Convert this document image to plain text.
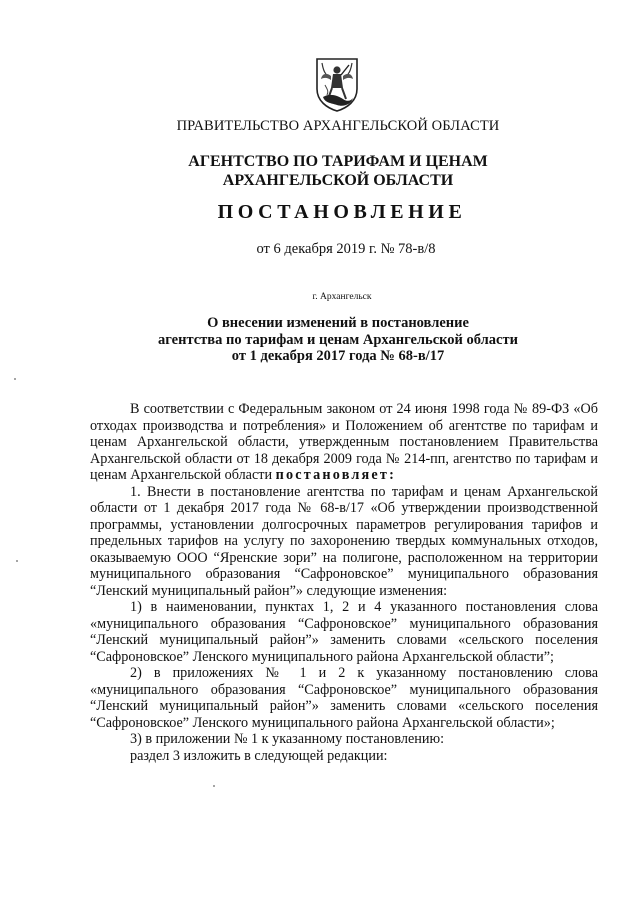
ПРАВИТЕЛЬСТВО АРХАНГЕЛЬСКОЙ ОБЛАСТИ
АГЕНТСТВО ПО ТАРИФАМ И ЦЕНАМ
АРХАНГЕЛЬСКОЙ ОБЛАСТИ
ПОСТАНОВЛЕНИЕ
от 6 декабря 2019 г. № 78-в/8
г. Архангельск
О внесении изменений в постановление
агентства по тарифам и ценам Архангельской области
от 1 декабря 2017 года № 68-в/17

В соответствии с Федеральным законом от 24 июня 1998 года № 89-ФЗ «Об отходах производства и потребления» и Положением об агентстве по тарифам и ценам Архангельской области, утвержденным постановлением Правительства Архангельской области от 18 декабря 2009 года № 214-пп, агентство по тарифам и ценам Архангельской области постановляет:

1. Внести в постановление агентства по тарифам и ценам Архангельской области от 1 декабря 2017 года № 68-в/17 «Об утверждении производственной программы, установлении долгосрочных параметров регулирования тарифов и предельных тарифов на услугу по захоронению твердых коммунальных отходов, оказываемую ООО “Яренские зори” на полигоне, расположенном на территории муниципального образования “Сафроновское” муниципального образования “Ленский муниципальный район”» следующие изменения:

1) в наименовании, пунктах 1, 2 и 4 указанного постановления слова «муниципального образования “Сафроновское” муниципального образования “Ленский муниципальный район”» заменить словами «сельского поселения “Сафроновское” Ленского муниципального района Архангельской области”;

2) в приложениях № 1 и 2 к указанному постановлению слова «муниципального образования “Сафроновское” муниципального образования “Ленский муниципальный район”» заменить словами «сельского поселения “Сафроновское” Ленского муниципального района Архангельской области»;

3) в приложении № 1 к указанному постановлению:

раздел 3 изложить в следующей редакции:
